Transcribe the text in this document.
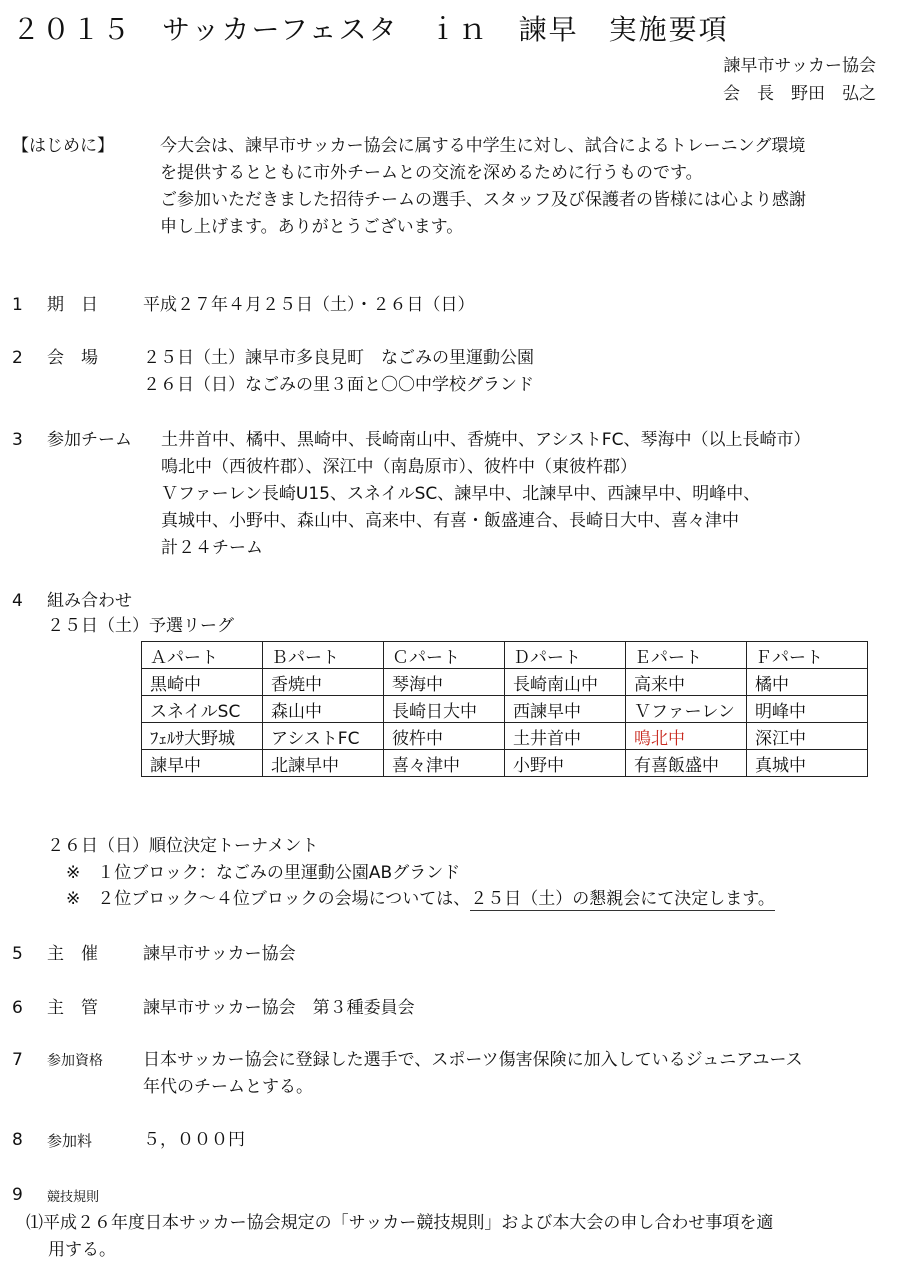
２０１５　サッカーフェスタ　ｉｎ　諫早　実施要項
諫早市サッカー協会
会　長　野田　弘之
【はじめに】	今大会は、諫早市サッカー協会に属する中学生に対し、試合によるトレーニング環境
を提供するとともに市外チームとの交流を深めるために行うものです。
ご参加いただきました招待チームの選手、スタッフ及び保護者の皆様には心より感謝
申し上げます。ありがとうございます。
1 期　日	平成２７年４月２５日（土）・２６日（日）
2 会　場	２５日（土）諫早市多良見町　なごみの里運動公園
２６日（日）なごみの里３面と〇〇中学校グランド
3 参加チーム 土井首中、橘中、黒崎中、長崎南山中、香焼中、アシストFC、琴海中（以上長崎市）
鳴北中（西彼杵郡）、深江中（南島原市）、彼杵中（東彼杵郡）
Ｖファーレン長崎U15、スネイルSC、諫早中、北諫早中、西諫早中、明峰中、
真城中、小野中、森山中、高来中、有喜・飯盛連合、長崎日大中、喜々津中
計２４チーム
4 組み合わせ
２５日（土）予選リーグ
Ａパート	Ｂパート	Ｃパート	Ｄパート	Ｅパート	Ｆパート
黒崎中	香焼中	琴海中	長崎南山中	高来中	橘中
スネイルSC	森山中	長崎日大中	西諫早中	Ｖファーレン	明峰中
ﾌｪﾙｻ大野城	アシストFC	彼杵中	土井首中	鳴北中	深江中
諫早中	北諫早中	喜々津中	小野中	有喜飯盛中	真城中
２６日（日）順位決定トーナメント
※　１位ブロック：なごみの里運動公園ABグランド
※　２位ブロック～４位ブロックの会場については、２５日（土）の懇親会にて決定します。
5 主　催	諫早市サッカー協会
6 主　管	諫早市サッカー協会　第３種委員会
7 参加資格 日本サッカー協会に登録した選手で、スポーツ傷害保険に加入しているジュニアユース
年代のチームとする。
8 参加料	５，０００円
9 競技規則
⑴平成２６年度日本サッカー協会規定の「サッカー競技規則」および本大会の申し合わせ事項を適
用する。
